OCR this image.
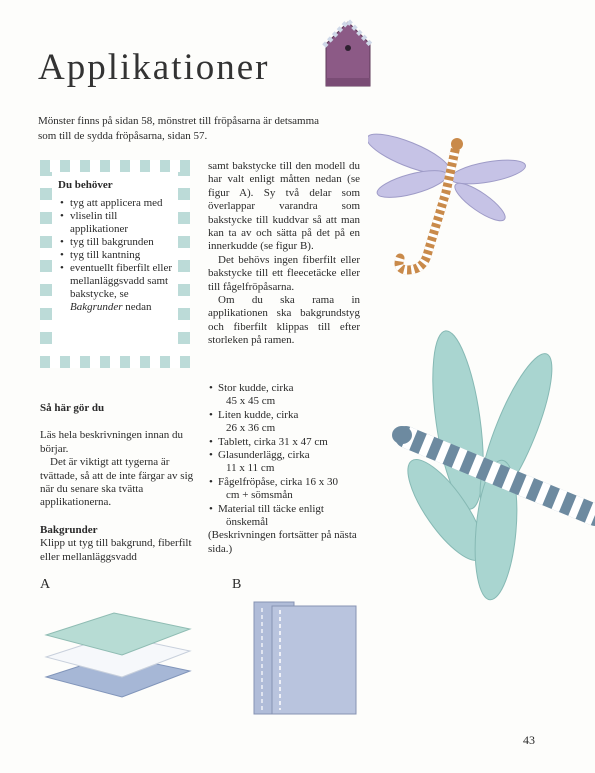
Applikationer

Mönster finns på sidan 58, mönstret till fröpåsarna är detsamma som till de sydda fröpåsarna, sidan 57.

Du behöver
• tyg att applicera med
• vliselin till applikationer
• tyg till bakgrunden
• tyg till kantning
• eventuellt fiberfilt eller mellanläggsvadd samt bakstycke, se Bakgrunder nedan

samt bakstycke till den modell du har valt enligt måtten nedan (se figur A). Sy två delar som överlappar varandra som bakstycke till kuddvar så att man kan ta av och sätta på det på en innerkudde (se figur B).

Det behövs ingen fiberfilt eller bakstycke till ett fleecetäcke eller till fågelfröpåsarna.

Om du ska rama in applikationen ska bakgrundstyg och fiberfilt klippas till efter storleken på ramen.

Så här gör du

Läs hela beskrivningen innan du börjar.

Det är viktigt att tygerna är tvättade, så att de inte färgar av sig när du senare ska tvätta applikationerna.

Bakgrunder

Klipp ut tyg till bakgrund, fiberfilt eller mellanläggsvadd

• Stor kudde, cirka
45 x 45 cm
• Liten kudde, cirka
26 x 36 cm
• Tablett, cirka 31 x 47 cm
• Glasunderlägg, cirka
11 x 11 cm
• Fågelfröpåse, cirka 16 x 30
cm + sömsmån
• Material till täcke enligt
önskemål

(Beskrivningen fortsätter på nästa sida.)

A	B
43
